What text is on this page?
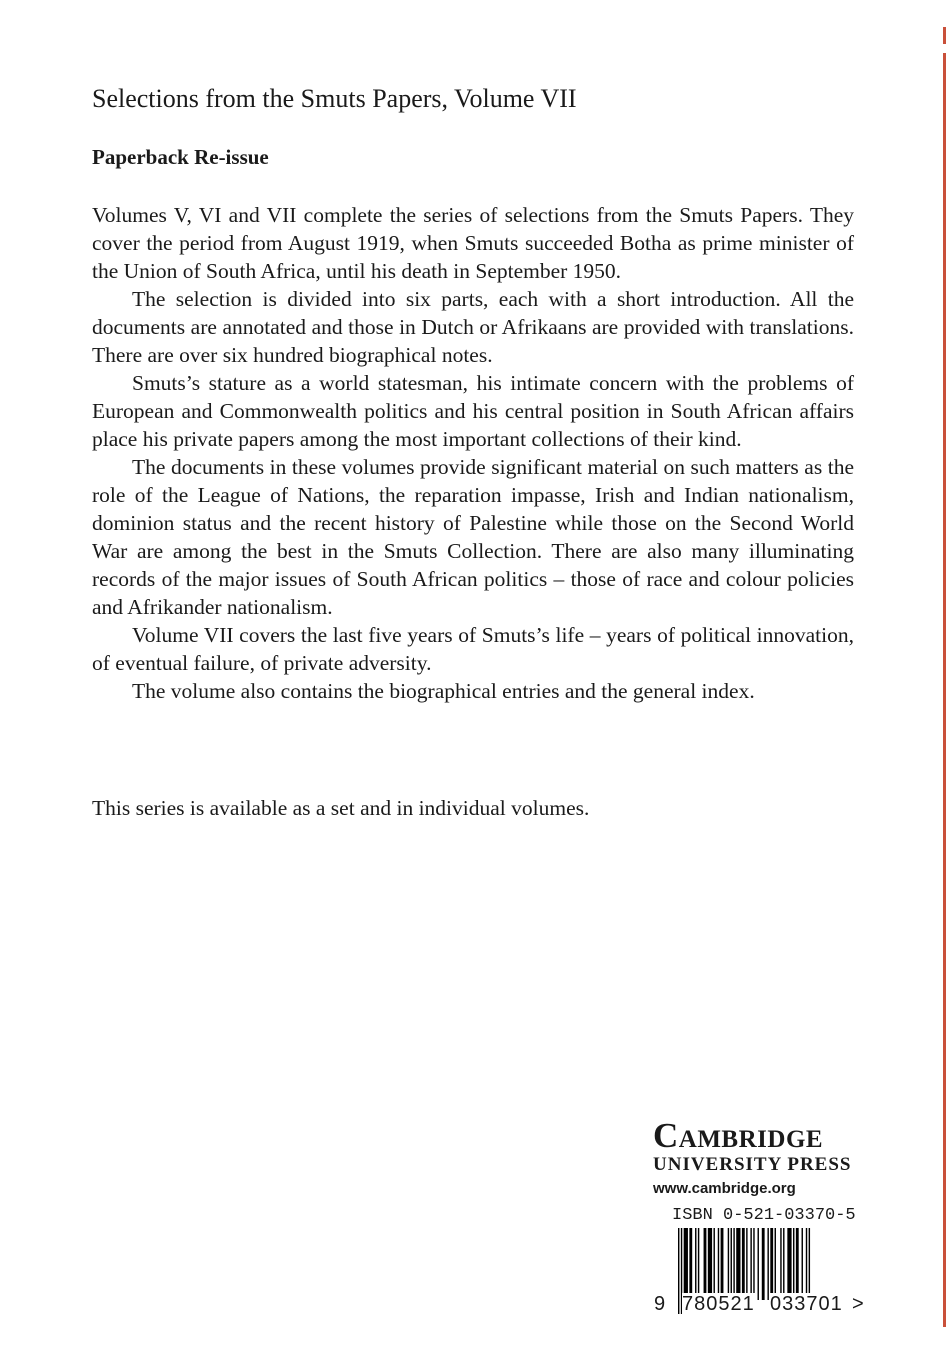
Selections from the Smuts Papers, Volume VII
Paperback Re-issue

Volumes V, VI and VII complete the series of selections from the Smuts Papers. They cover the period from August 1919, when Smuts succeeded Botha as prime minister of the Union of South Africa, until his death in September 1950.

The selection is divided into six parts, each with a short introduction. All the documents are annotated and those in Dutch or Afrikaans are provided with translations. There are over six hundred biographical notes.

Smuts’s stature as a world statesman, his intimate concern with the problems of European and Commonwealth politics and his central position in South African affairs place his private papers among the most important collections of their kind.

The documents in these volumes provide significant material on such matters as the role of the League of Nations, the reparation impasse, Irish and Indian nationalism, dominion status and the recent history of Palestine while those on the Second World War are among the best in the Smuts Collection. There are also many illuminating records of the major issues of South African politics – those of race and colour policies and Afrikander nationalism.

Volume VII covers the last five years of Smuts’s life – years of political innovation, of eventual failure, of private adversity.

The volume also contains the biographical entries and the general index.

This series is available as a set and in individual volumes.
Cambridge
UNIVERSITY PRESS
www.cambridge.org
ISBN 0-521-03370-5
9 780521 033701 >
